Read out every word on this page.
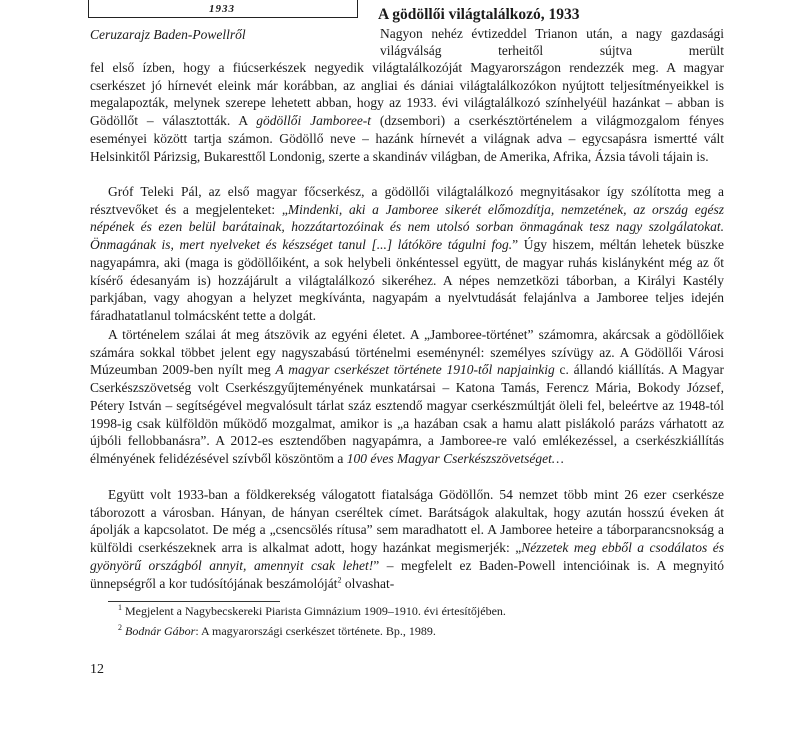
1933	A gödöllői világtalálkozó, 1933
Ceruzarajz Baden-Powellről	Nagyon nehéz évtizeddel Trianon után, a nagy gazdasági világválság terheitől sújtva merült

fel első ízben, hogy a fiúcserkészek negyedik világtalálkozóját Magyarországon rendezzék meg. A magyar cserkészet jó hírnevét eleink már korábban, az angliai és dániai világtalálkozókon nyújtott teljesítményeikkel is megalapozták, melynek szerepe lehetett abban, hogy az 1933. évi világtalálkozó színhelyéül hazánkat – abban is Gödöllőt – választották. A gödöllői Jamboree-t (dzsembori) a cserkésztörténelem a világmozgalom fényes eseményei között tartja számon. Gödöllő neve – hazánk hírnevét a világnak adva – egycsapásra ismertté vált Helsinkitől Párizsig, Bukaresttől Londonig, szerte a skandináv világban, de Amerika, Afrika, Ázsia távoli tájain is.

Gróf Teleki Pál, az első magyar főcserkész, a gödöllői világtalálkozó megnyitásakor így szólította meg a résztvevőket és a megjelenteket: „Mindenki, aki a Jamboree sikerét előmozdítja, nemzetének, az ország egész népének és ezen belül barátainak, hozzátartozóinak és nem utolsó sorban önmagának tesz nagy szolgálatokat. Önmagának is, mert nyelveket és készséget tanul [...] látóköre tágulni fog.” Úgy hiszem, méltán lehetek büszke nagyapámra, aki (maga is gödöllőiként, a sok helybeli önkéntessel együtt, de magyar ruhás kislányként még az őt kísérő édesanyám is) hozzájárult a világtalálkozó sikeréhez. A népes nemzetközi táborban, a Királyi Kastély parkjában, vagy ahogyan a helyzet megkívánta, nagyapám a nyelvtudását felajánlva a Jamboree teljes idején fáradhatatlanul tolmácsként tette a dolgát.

A történelem szálai át meg átszövik az egyéni életet. A „Jamboree-történet” számomra, akárcsak a gödöllőiek számára sokkal többet jelent egy nagyszabású történelmi eseménynél: személyes szívügy az. A Gödöllői Városi Múzeumban 2009-ben nyílt meg A magyar cserkészet története 1910-től napjainkig c. állandó kiállítás. A Magyar Cserkészszövetség volt Cserkészgyűjteményének munkatársai – Katona Tamás, Ferencz Mária, Bokody József, Pétery István – segítségével megvalósult tárlat száz esztendő magyar cserkészmúltját öleli fel, beleértve az 1948-tól 1998-ig csak külföldön működő mozgalmat, amikor is „a hazában csak a hamu alatt pislákoló parázs várhatott az újbóli fellobbanásra”. A 2012-es esztendőben nagyapámra, a Jamboree-re való emlékezéssel, a cserkészkiállítás élményének felidézésével szívből köszöntöm a 100 éves Magyar Cserkészszövetséget…

Együtt volt 1933-ban a földkerekség válogatott fiatalsága Gödöllőn. 54 nemzet több mint 26 ezer cserkésze táborozott a városban. Hányan, de hányan cseréltek címet. Barátságok alakultak, hogy azután hosszú éveken át ápolják a kapcsolatot. De még a „csencsölés rítusa” sem maradhatott el. A Jamboree heteire a táborparancsnokság a külföldi cserkészeknek arra is alkalmat adott, hogy hazánkat megismerjék: „Nézzetek meg ebből a csodálatos és gyönyörű országból annyit, amennyit csak lehet!” – megfelelt ez Baden-Powell intencióinak is. A megnyitó ünnepségről a kor tudósítójának beszámolóját$^2$ olvashat-

$^1$ Megjelent a Nagybecskereki Piarista Gimnázium 1909–1910. évi értesítőjében.
$^2$ Bodnár Gábor: A magyarországi cserkészet története. Bp., 1989.
12
